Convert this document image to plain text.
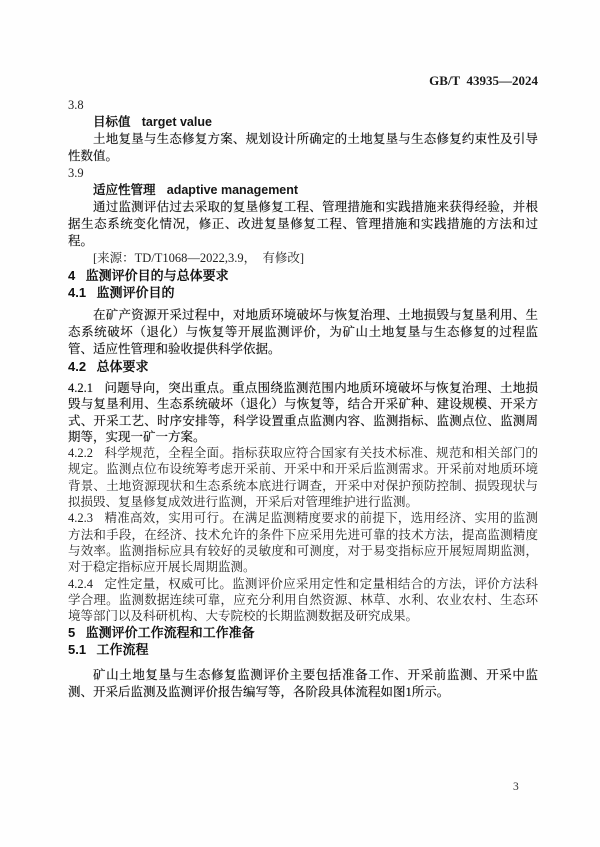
GB/T  43935—2024

3.8

目标值 target value

土地复垦与生态修复方案、规划设计所确定的土地复垦与生态修复约束性及引导性数值。

3.9

适应性管理 adaptive management

通过监测评估过去采取的复垦修复工程、管理措施和实践措施来获得经验，并根据生态系统变化情况，修正、改进复垦修复工程、管理措施和实践措施的方法和过程。

[来源：TD/T1068—2022,3.9，　有修改]

4 监测评价目的与总体要求
4.1 监测评价目的

在矿产资源开采过程中，对地质环境破坏与恢复治理、土地损毁与复垦利用、生态系统破坏（退化）与恢复等开展监测评价，为矿山土地复垦与生态修复的过程监管、适应性管理和验收提供科学依据。

4.2 总体要求

4.2.1 问题导向，突出重点。重点围绕监测范围内地质环境破坏与恢复治理、土地损毁与复垦利用、生态系统破坏（退化）与恢复等，结合开采矿种、建设规模、开采方式、开采工艺、时序安排等，科学设置重点监测内容、监测指标、监测点位、监测周期等，实现一矿一方案。

4.2.2 科学规范，全程全面。指标获取应符合国家有关技术标准、规范和相关部门的规定。监测点位布设统筹考虑开采前、开采中和开采后监测需求。开采前对地质环境背景、土地资源现状和生态系统本底进行调查，开采中对保护预防控制、损毁现状与拟损毁、复垦修复成效进行监测，开采后对管理维护进行监测。

4.2.3 精准高效，实用可行。在满足监测精度要求的前提下，选用经济、实用的监测方法和手段，在经济、技术允许的条件下应采用先进可靠的技术方法，提高监测精度与效率。监测指标应具有较好的灵敏度和可测度，对于易变指标应开展短周期监测，对于稳定指标应开展长周期监测。

4.2.4 定性定量，权威可比。监测评价应采用定性和定量相结合的方法，评价方法科学合理。监测数据连续可靠，应充分利用自然资源、林草、水利、农业农村、生态环境等部门以及科研机构、大专院校的长期监测数据及研究成果。

5 监测评价工作流程和工作准备
5.1 工作流程

矿山土地复垦与生态修复监测评价主要包括准备工作、开采前监测、开采中监测、开采后监测及监测评价报告编写等，各阶段具体流程如图1所示。

3
